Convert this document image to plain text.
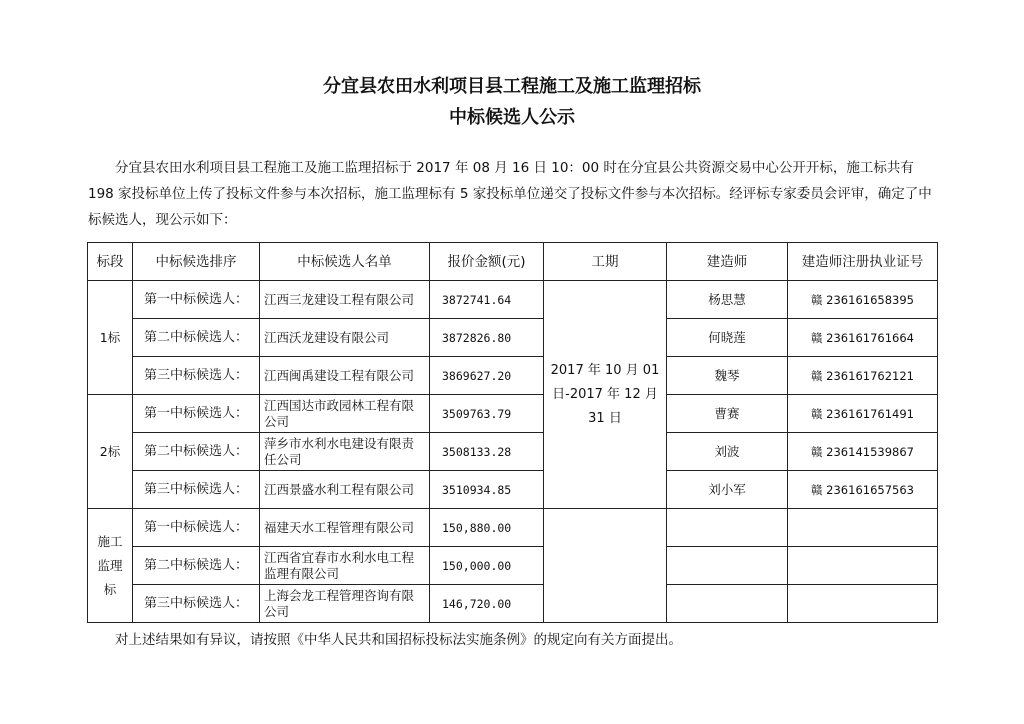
分宜县农田水利项目县工程施工及施工监理招标
中标候选人公示
分宜县农田水利项目县工程施工及施工监理招标于 2017 年 08 月 16 日 10：00 时在分宜县公共资源交易中心公开开标，施工标共有 198 家投标单位上传了投标文件参与本次招标，施工监理标有 5 家投标单位递交了投标文件参与本次招标。经评标专家委员会评审，确定了中标候选人，现公示如下：
标段	中标候选排序	中标候选人名单	报价金额(元)	工期	建造师	建造师注册执业证号
1标	第一中标候选人：	江西三龙建设工程有限公司	3872741.64	2017 年 10 月 01 日-2017 年 12 月 31 日	杨思慧	赣 236161658395
	第二中标候选人：	江西沃龙建设有限公司	3872826.80		何晓莲	赣 236161761664
	第三中标候选人：	江西闽禹建设工程有限公司	3869627.20		魏琴	赣 236161762121
2标	第一中标候选人：	江西国达市政园林工程有限公司	3509763.79		曹赛	赣 236161761491
	第二中标候选人：	萍乡市水利水电建设有限责任公司	3508133.28		刘波	赣 236141539867
	第三中标候选人：	江西景盛水利工程有限公司	3510934.85		刘小军	赣 236161657563
施工监理标	第一中标候选人：	福建天水工程管理有限公司	150,880.00			
	第二中标候选人：	江西省宜春市水利水电工程监理有限公司	150,000.00			
	第三中标候选人：	上海会龙工程管理咨询有限公司	146,720.00			
对上述结果如有异议，请按照《中华人民共和国招标投标法实施条例》的规定向有关方面提出。
